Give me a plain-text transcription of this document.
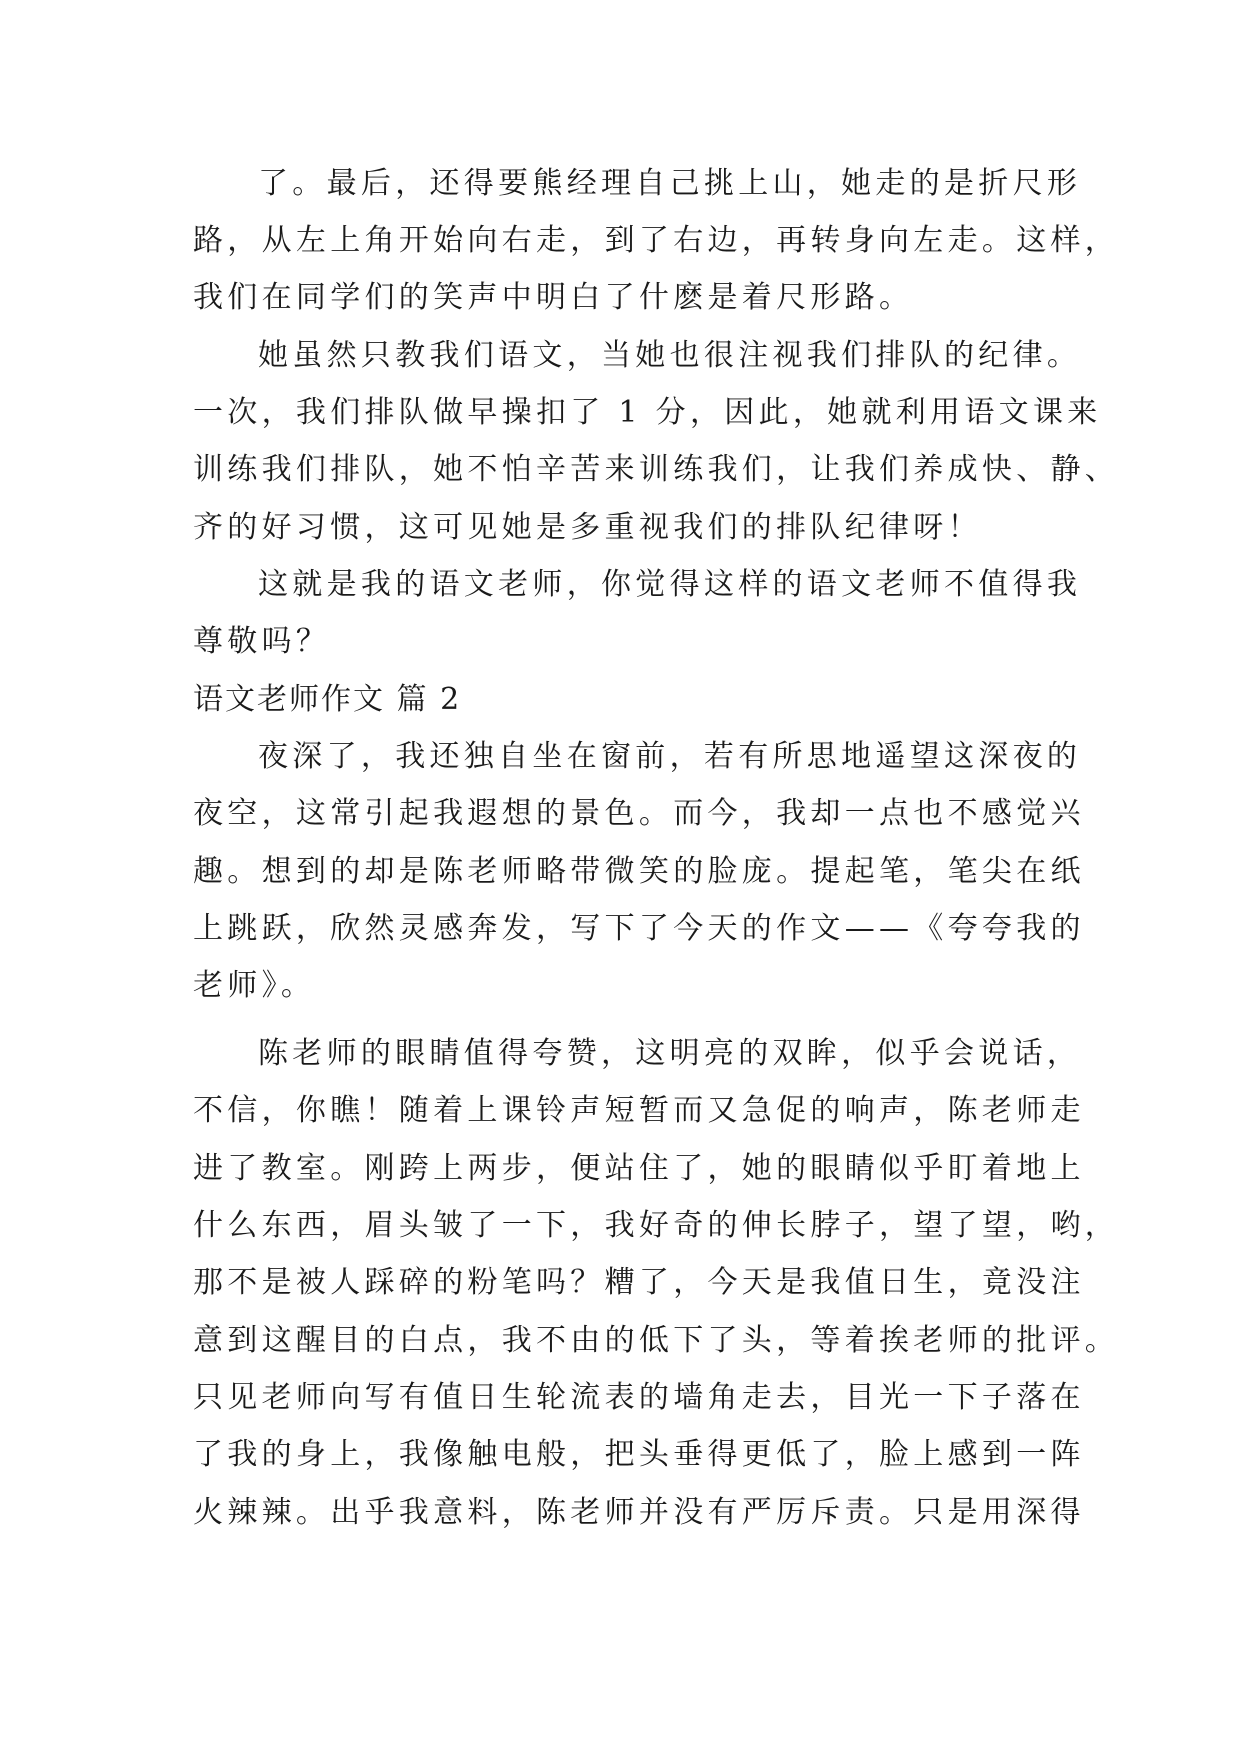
了。最后，还得要熊经理自己挑上山，她走的是折尺形
路，从左上角开始向右走，到了右边，再转身向左走。这样，
我们在同学们的笑声中明白了什麽是着尺形路。
她虽然只教我们语文，当她也很注视我们排队的纪律。
一次，我们排队做早操扣了 1 分，因此，她就利用语文课来
训练我们排队，她不怕辛苦来训练我们，让我们养成快、静、
齐的好习惯，这可见她是多重视我们的排队纪律呀！
这就是我的语文老师，你觉得这样的语文老师不值得我
尊敬吗？
语文老师作文 篇 2
夜深了，我还独自坐在窗前，若有所思地遥望这深夜的
夜空，这常引起我遐想的景色。而今，我却一点也不感觉兴
趣。想到的却是陈老师略带微笑的脸庞。提起笔，笔尖在纸
上跳跃，欣然灵感奔发，写下了今天的作文——《夸夸我的
老师》。
陈老师的眼睛值得夸赞，这明亮的双眸，似乎会说话，
不信，你瞧！随着上课铃声短暂而又急促的响声，陈老师走
进了教室。刚跨上两步，便站住了，她的眼睛似乎盯着地上
什么东西，眉头皱了一下，我好奇的伸长脖子，望了望，哟，
那不是被人踩碎的粉笔吗？糟了，今天是我值日生，竟没注
意到这醒目的白点，我不由的低下了头，等着挨老师的批评。
只见老师向写有值日生轮流表的墙角走去，目光一下子落在
了我的身上，我像触电般，把头垂得更低了，脸上感到一阵
火辣辣。出乎我意料，陈老师并没有严厉斥责。只是用深得
